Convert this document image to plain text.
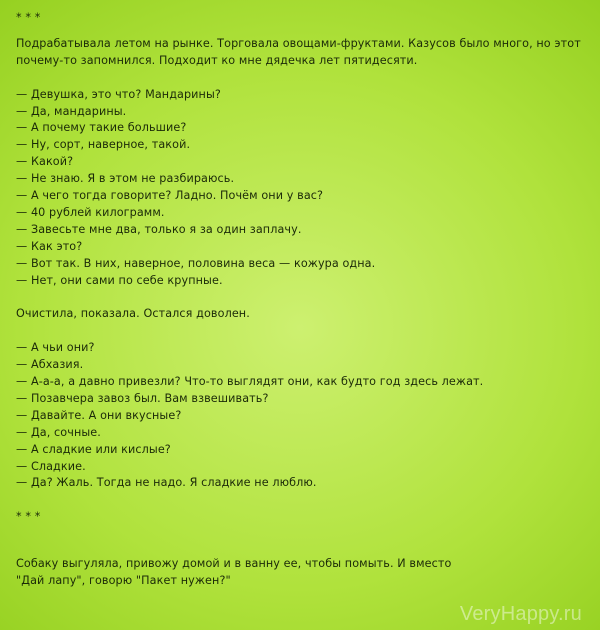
* * *
Подрабатывала летом на рынке. Торговала овощами-фруктами. Казусов было много, но этот почему-то запомнился. Подходит ко мне дядечка лет пятидесяти.
— Девушка, это что? Мандарины?
— Да, мандарины.
— А почему такие большие?
— Ну, сорт, наверное, такой.
— Какой?
— Не знаю. Я в этом не разбираюсь.
— А чего тогда говорите? Ладно. Почём они у вас?
— 40 рублей килограмм.
— Завесьте мне два, только я за один заплачу.
— Как это?
— Вот так. В них, наверное, половина веса — кожура одна.
— Нет, они сами по себе крупные.
Очистила, показала. Остался доволен.
— А чьи они?
— Абхазия.
— А-а-а, а давно привезли? Что-то выглядят они, как будто год здесь лежат.
— Позавчера завоз был. Вам взвешивать?
— Давайте. А они вкусные?
— Да, сочные.
— А сладкие или кислые?
— Сладкие.
— Да? Жаль. Тогда не надо. Я сладкие не люблю.
* * *
Собаку выгуляла, привожу домой и в ванну ее, чтобы помыть. И вместо
"Дай лапу", говорю "Пакет нужен?"
VeryHappy.ru
